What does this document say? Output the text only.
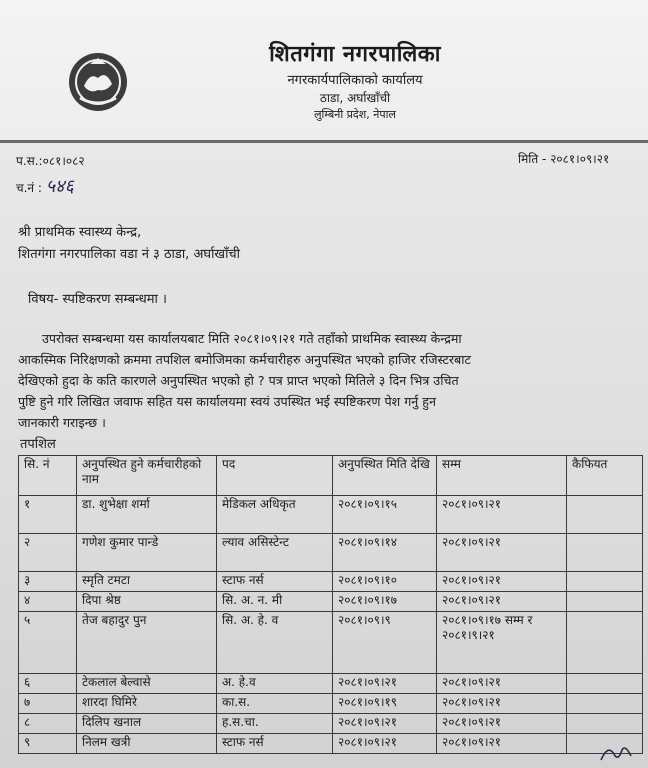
शितगंगा नगरपालिका
नगरकार्यपालिकाको कार्यालय
ठाडा, अर्घाखाँची
लुम्बिनी प्रदेश, नेपाल
प.स.:०८१।०८२
च.नं : ५४६
मिति - २०८१।०९।२१
श्री प्राथमिक स्वास्थ्य केन्द्र,
शितगंगा नगरपालिका वडा नं ३ ठाडा, अर्घाखाँची
विषय- स्पष्टिकरण सम्बन्धमा ।
उपरोक्त सम्बन्धमा यस कार्यालयबाट मिति २०८१।०९।२१ गते तहाँको प्राथमिक स्वास्थ्य केन्द्रमा
आकस्मिक निरिक्षणको क्रममा तपशिल बमोजिमका कर्मचारीहरु अनुपस्थित भएको हाजिर रजिस्टरबाट
देखिएको हुदा के कति कारणले अनुपस्थित भएको हो ? पत्र प्राप्त भएको मितिले ३ दिन भित्र उचित
पुष्टि हुने गरि लिखित जवाफ सहित यस कार्यालयमा स्वयं उपस्थित भई स्पष्टिकरण पेश गर्नु हुन
जानकारी गराइन्छ ।
तपशिल
सि. नं	अनुपस्थित हुने कर्मचारीहको नाम	पद	अनुपस्थित मिति देखि	सम्म	कैफियत
१	डा. शुभेक्षा शर्मा	मेडिकल अधिकृत	२०८१।०९।१५	२०८१।०९।२१	
२	गणेश कुमार पान्डे	ल्याव असिस्टेन्ट	२०८१।०९।१४	२०८१।०९।२१	
३	स्मृति टमटा	स्टाफ नर्स	२०८१।०९।१०	२०८१।०९।२१	
४	दिपा श्रेष्ठ	सि. अ. न. मी	२०८१।०९।१७	२०८१।०९।२१	
५	तेज बहादुर पुन	सि. अ. हे. व	२०८१।०९।९	२०८१।०९।१७ सम्म र २०८१।९।२१	
६	टेकलाल बेल्वासे	अ. हे.व	२०८१।०९।२१	२०८१।०९।२१	
७	शारदा घिमिरे	का.स.	२०८१।०९।१९	२०८१।०९।२१	
८	दिलिप खनाल	ह.स.चा.	२०८१।०९।२१	२०८१।०९।२१	
९	निलम खत्री	स्टाफ नर्स	२०८१।०९।२१	२०८१।०९।२१	
